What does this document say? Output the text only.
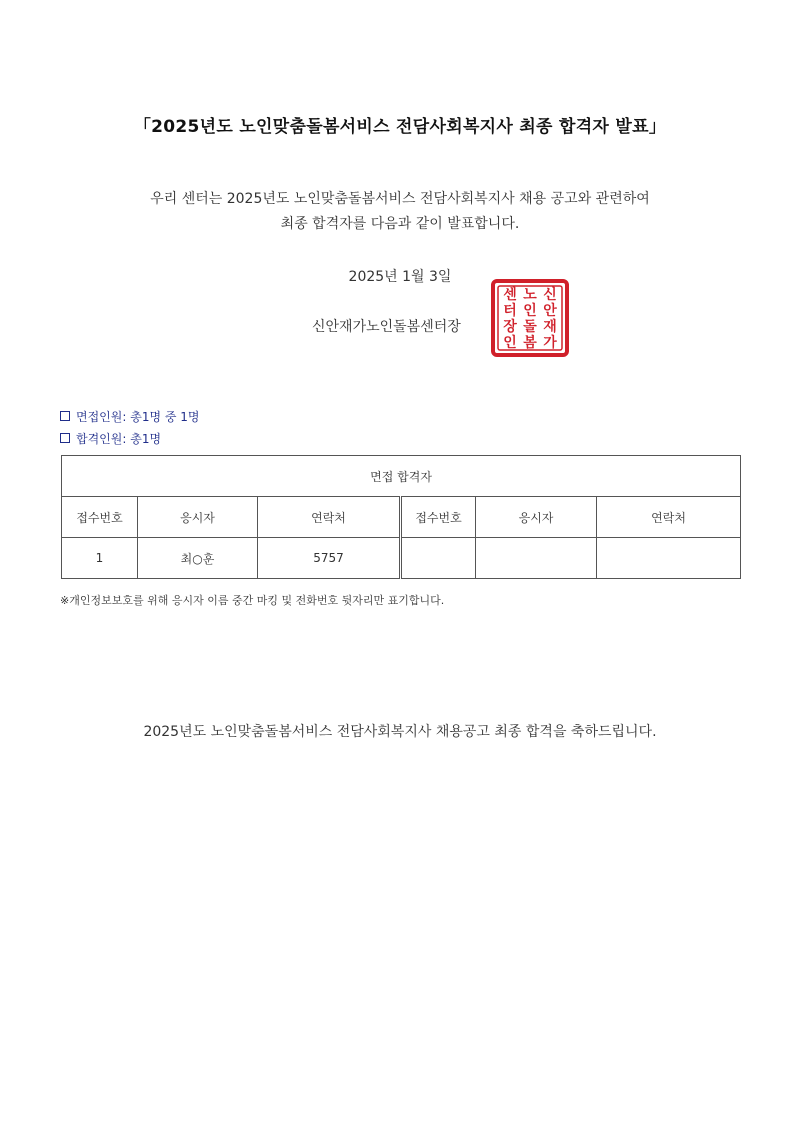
「2025년도 노인맞춤돌봄서비스 전담사회복지사 최종 합격자 발표」
우리 센터는 2025년도 노인맞춤돌봄서비스 전담사회복지사 채용 공고와 관련하여
최종 합격자를 다음과 같이 발표합니다.
2025년 1월 3일
신안재가노인돌봄센터장
신
안
재
가
노
인
돌
봄
센
터
장
인
면접인원: 총1명 중 1명
합격인원: 총1명
면접 합격자					
접수번호	응시자	연락처	접수번호	응시자	연락처
1	최○훈	5757			
※개인정보보호를 위해 응시자 이름 중간 마킹 및 전화번호 뒷자리만 표기합니다.
2025년도 노인맞춤돌봄서비스 전담사회복지사 채용공고 최종 합격을 축하드립니다.
